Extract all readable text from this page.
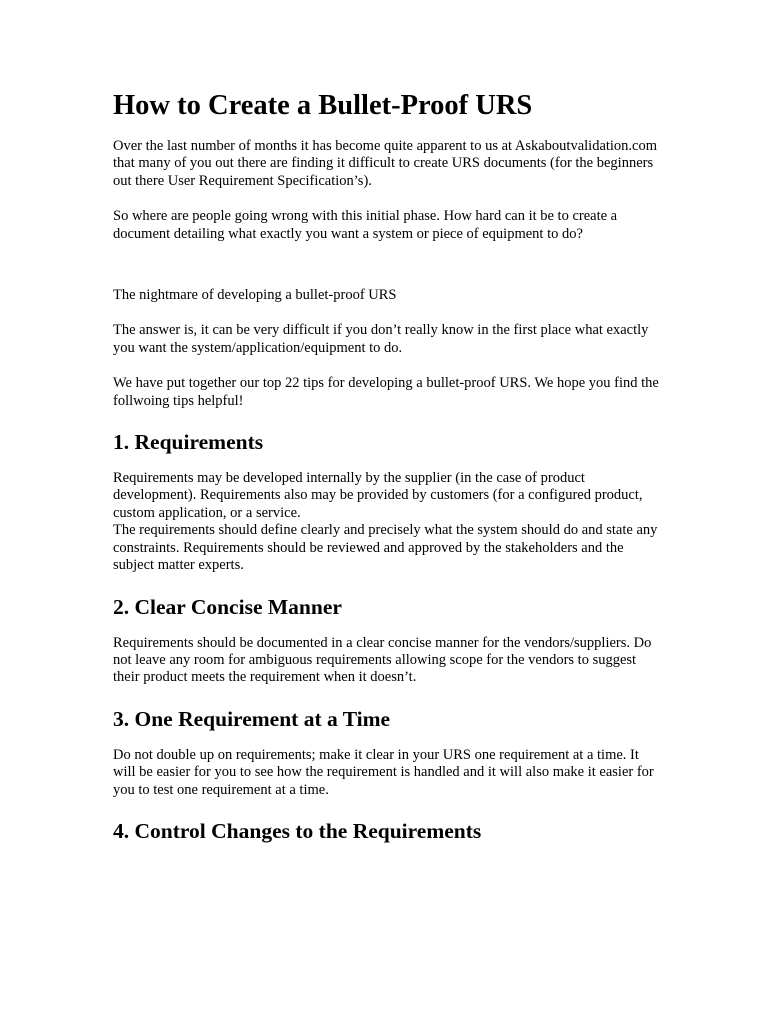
How to Create a Bullet-Proof URS

Over the last number of months it has become quite apparent to us at Askaboutvalidation.com that many of you out there are finding it difficult to create URS documents (for the beginners out there User Requirement Specification’s).

So where are people going wrong with this initial phase. How hard can it be to create a document detailing what exactly you want a system or piece of equipment to do?

The nightmare of developing a bullet-proof URS

The answer is, it can be very difficult if you don’t really know in the first place what exactly you want the system/application/equipment to do.

We have put together our top 22 tips for developing a bullet-proof URS. We hope you find the follwoing tips helpful!

1. Requirements

Requirements may be developed internally by the supplier (in the case of product development). Requirements also may be provided by customers (for a configured product, custom application, or a service.

The requirements should define clearly and precisely what the system should do and state any constraints. Requirements should be reviewed and approved by the stakeholders and the subject matter experts.

2. Clear Concise Manner

Requirements should be documented in a clear concise manner for the vendors/suppliers. Do not leave any room for ambiguous requirements allowing scope for the vendors to suggest their product meets the requirement when it doesn’t.

3. One Requirement at a Time

Do not double up on requirements; make it clear in your URS one requirement at a time. It will be easier for you to see how the requirement is handled and it will also make it easier for you to test one requirement at a time.

4. Control Changes to the Requirements
